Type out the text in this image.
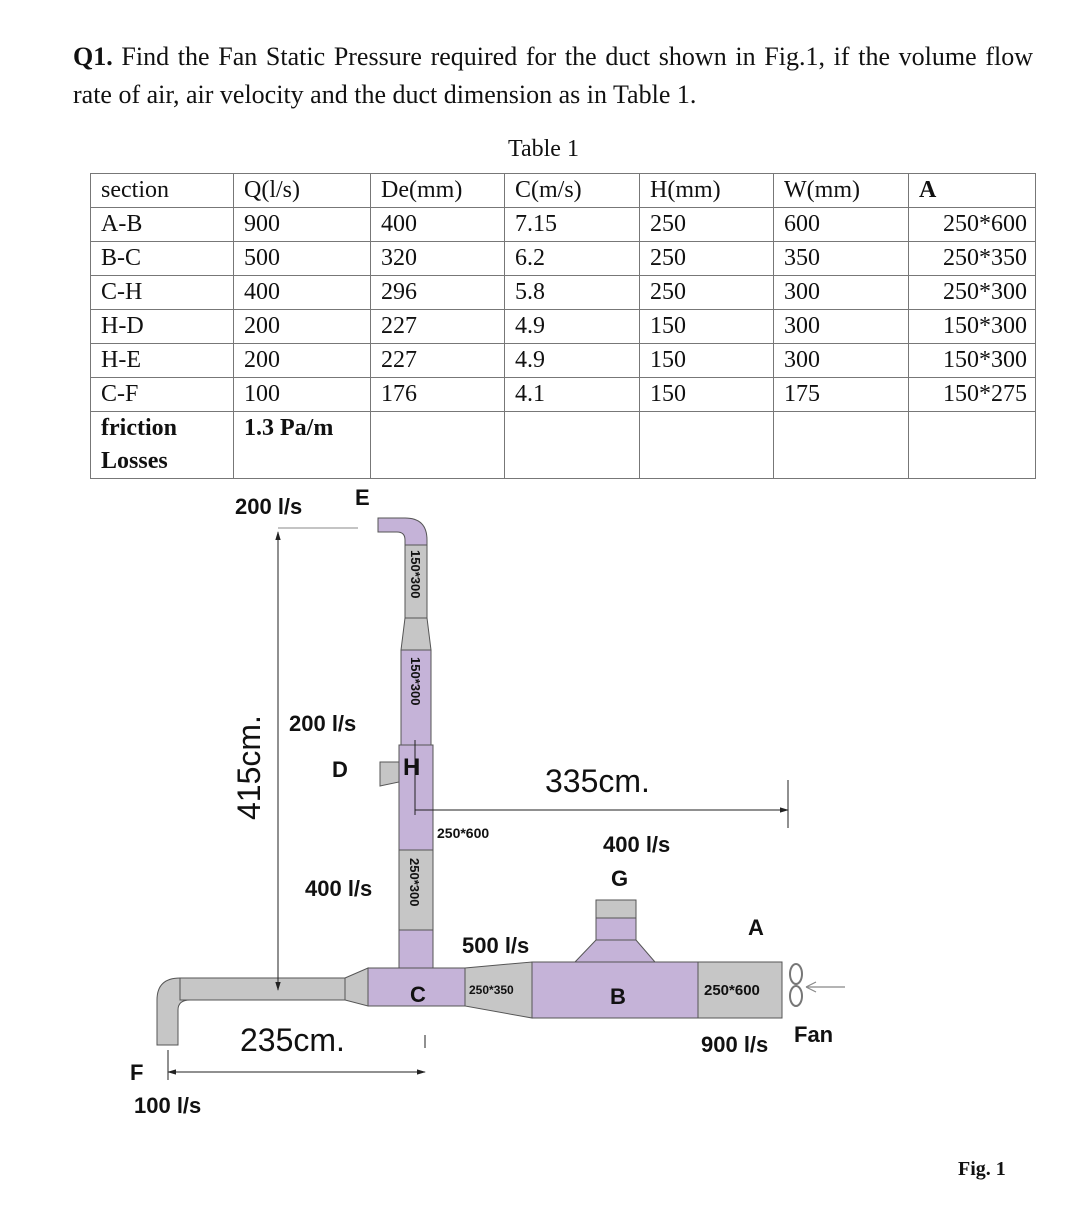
Q1. Find the Fan Static Pressure required for the duct shown in Fig.1, if the volume flow rate of air, air velocity and the duct dimension as in Table 1.
Table 1
section	Q(l/s)	De(mm)	C(m/s)	H(mm)	W(mm)	A
A-B	900	400	7.15	250	600	250*600
B-C	500	320	6.2	250	350	250*350
C-H	400	296	5.8	250	300	250*300
H-D	200	227	4.9	150	300	150*300
H-E	200	227	4.9	150	300	150*300
C-F	100	176	4.1	150	175	150*275

friction
Losses	1.3 Pa/m					
150*300
150*300
250*300
250*600
250*350	250*600
E
D H
C	B
A
G
F
Fan
200 l/s
200 l/s
400 l/s
400 l/s
500 l/s
900 l/s
100 l/s
415cm.	335cm.
235cm.
Fig. 1
